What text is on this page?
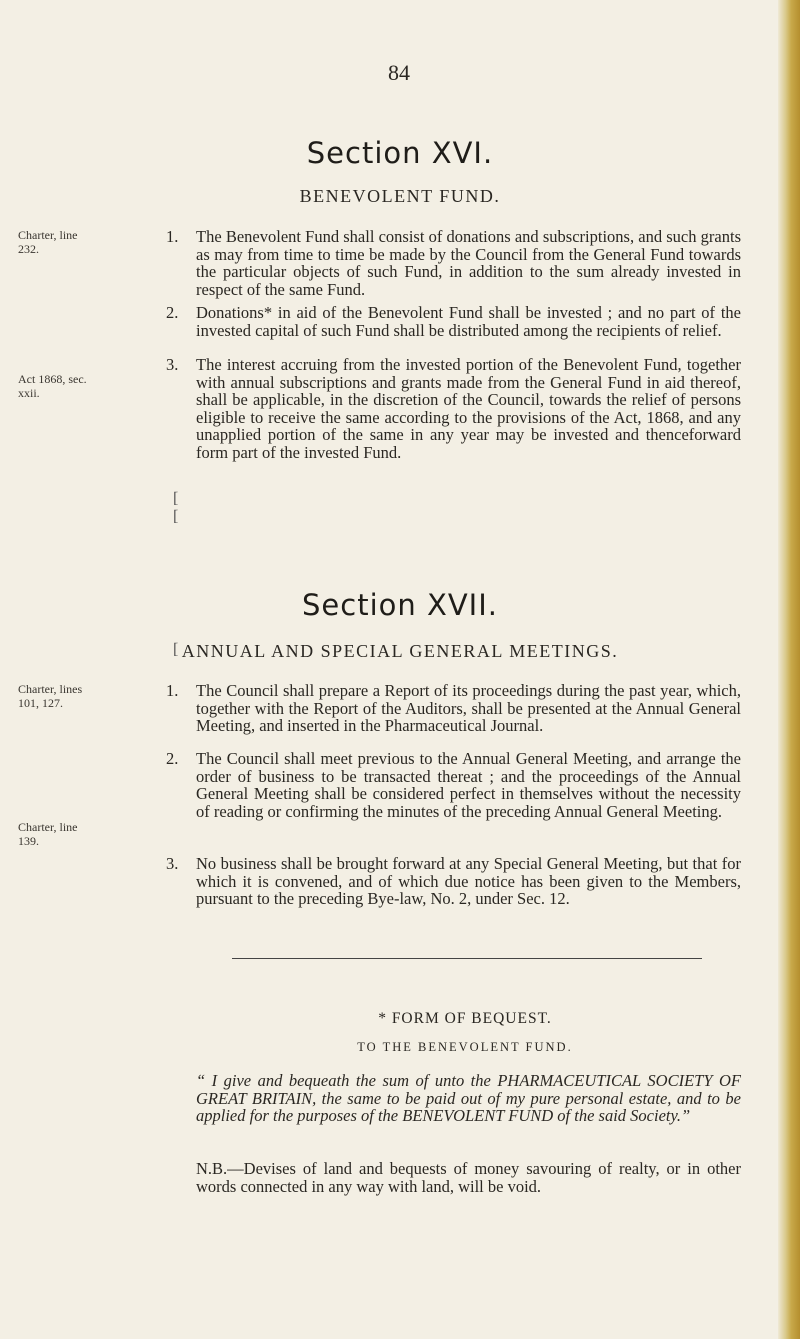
84
Section XVI.
BENEVOLENT FUND.
Charter, line 232.
Act 1868, sec. xxii.
1. The Benevolent Fund shall consist of donations and subscriptions, and such grants as may from time to time be made by the Council from the General Fund towards the particular objects of such Fund, in addition to the sum already invested in respect of the same Fund.
2. Donations* in aid of the Benevolent Fund shall be invested ; and no part of the invested capital of such Fund shall be distributed among the recipients of relief.
3. The interest accruing from the invested portion of the Benevolent Fund, together with annual subscriptions and grants made from the General Fund in aid thereof, shall be applicable, in the discretion of the Council, towards the relief of persons eligible to receive the same according to the provisions of the Act, 1868, and any unapplied portion of the same in any year may be invested and thenceforward form part of the invested Fund.
[
[
Section XVII.
[ ANNUAL AND SPECIAL GENERAL MEETINGS.
Charter, lines 101, 127.
Charter, line 139.
1. The Council shall prepare a Report of its proceedings during the past year, which, together with the Report of the Auditors, shall be presented at the Annual General Meeting, and inserted in the Pharmaceutical Journal.
2. The Council shall meet previous to the Annual General Meeting, and arrange the order of business to be transacted thereat ; and the proceedings of the Annual General Meeting shall be considered perfect in themselves without the necessity of reading or confirming the minutes of the preceding Annual General Meeting.
3. No business shall be brought forward at any Special General Meeting, but that for which it is convened, and of which due notice has been given to the Members, pursuant to the preceding Bye-law, No. 2, under Sec. 12.
* FORM OF BEQUEST.
TO THE BENEVOLENT FUND.
“ I give and bequeath the sum of unto the PHARMACEUTICAL SOCIETY OF GREAT BRITAIN, the same to be paid out of my pure personal estate, and to be applied for the purposes of the BENEVOLENT FUND of the said Society.”
N.B.—Devises of land and bequests of money savouring of realty, or in other words connected in any way with land, will be void.
